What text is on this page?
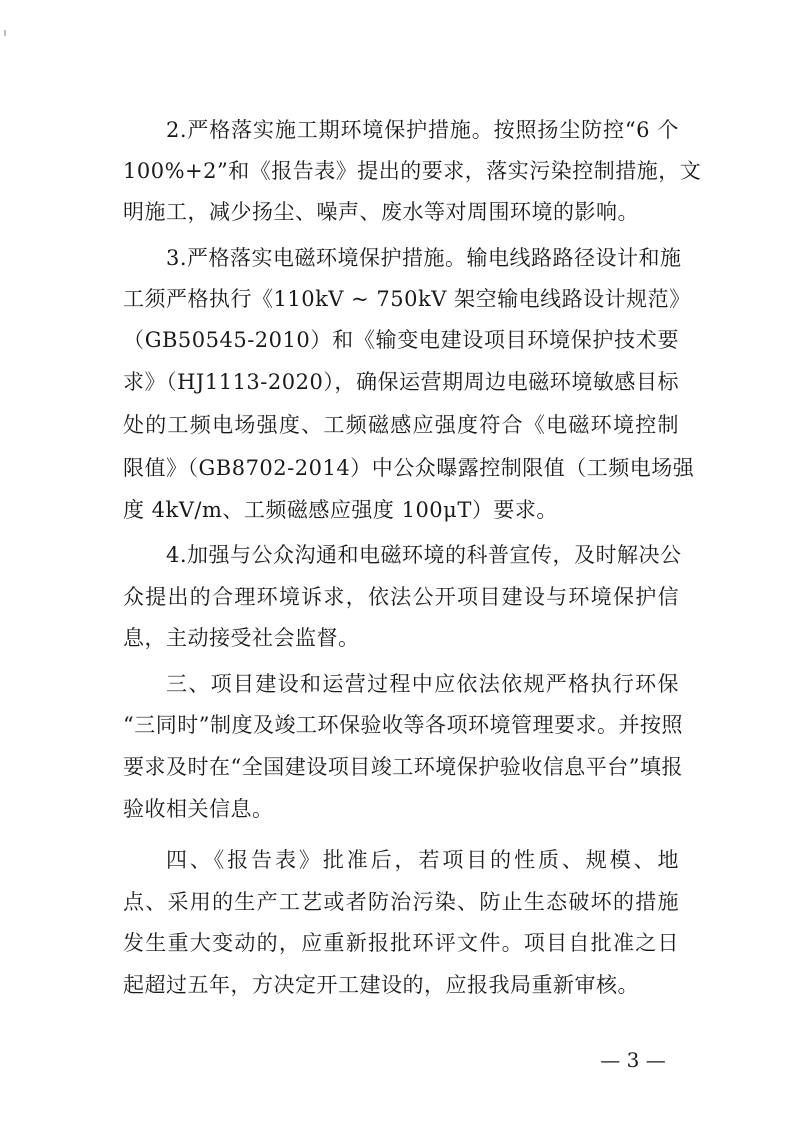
2.严格落实施工期环境保护措施。按照扬尘防控“6 个
100%+2”和《报告表》提出的要求，落实污染控制措施，文
明施工，减少扬尘、噪声、废水等对周围环境的影响。
3.严格落实电磁环境保护措施。输电线路路径设计和施
工须严格执行《110kV ~ 750kV 架空输电线路设计规范》
（GB50545-2010）和《输变电建设项目环境保护技术要
求》（HJ1113-2020），确保运营期周边电磁环境敏感目标
处的工频电场强度、工频磁感应强度符合《电磁环境控制
限值》（GB8702-2014）中公众曝露控制限值（工频电场强
度 4kV/m、工频磁感应强度 100μT）要求。
4.加强与公众沟通和电磁环境的科普宣传，及时解决公
众提出的合理环境诉求，依法公开项目建设与环境保护信
息，主动接受社会监督。
三、项目建设和运营过程中应依法依规严格执行环保
“三同时”制度及竣工环保验收等各项环境管理要求。并按照
要求及时在“全国建设项目竣工环境保护验收信息平台”填报
验收相关信息。
四、《报告表》批准后，若项目的性质、规模、地
点、采用的生产工艺或者防治污染、防止生态破坏的措施
发生重大变动的，应重新报批环评文件。项目自批准之日
起超过五年，方决定开工建设的，应报我局重新审核。
— 3 —
